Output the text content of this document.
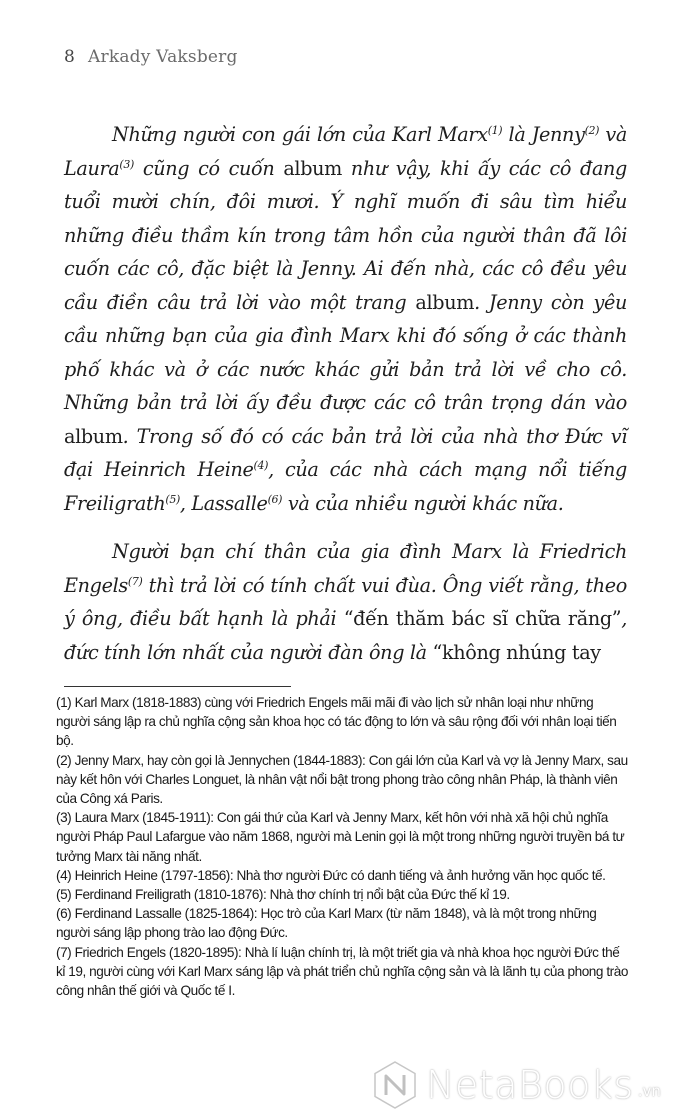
8 Arkady Vaksberg

Những người con gái lớn của Karl Marx$^{(1)}$ là Jenny$^{(2)}$ và Laura$^{(3)}$ cũng có cuốn album như vậy, khi ấy các cô đang tuổi mười chín, đôi mươi. Ý nghĩ muốn đi sâu tìm hiểu những điều thầm kín trong tâm hồn của người thân đã lôi cuốn các cô, đặc biệt là Jenny. Ai đến nhà, các cô đều yêu cầu điền câu trả lời vào một trang album. Jenny còn yêu cầu những bạn của gia đình Marx khi đó sống ở các thành phố khác và ở các nước khác gửi bản trả lời về cho cô. Những bản trả lời ấy đều được các cô trân trọng dán vào album. Trong số đó có các bản trả lời của nhà thơ Đức vĩ đại Heinrich Heine$^{(4)}$, của các nhà cách mạng nổi tiếng Freiligrath$^{(5)}$, Lassalle$^{(6)}$ và của nhiều người khác nữa.

Người bạn chí thân của gia đình Marx là Friedrich Engels$^{(7)}$ thì trả lời có tính chất vui đùa. Ông viết rằng, theo ý ông, điều bất hạnh là phải “đến thăm bác sĩ chữa răng”, đức tính lớn nhất của người đàn ông là “không nhúng tay

(1) Karl Marx (1818-1883) cùng với Friedrich Engels mãi mãi đi vào lịch sử nhân loại như những người sáng lập ra chủ nghĩa cộng sản khoa học có tác động to lớn và sâu rộng đối với nhân loại tiến bộ.

(2) Jenny Marx, hay còn gọi là Jennychen (1844-1883): Con gái lớn của Karl và vợ là Jenny Marx, sau này kết hôn với Charles Longuet, là nhân vật nổi bật trong phong trào công nhân Pháp, là thành viên của Công xá Paris.

(3) Laura Marx (1845-1911): Con gái thứ của Karl và Jenny Marx, kết hôn với nhà xã hội chủ nghĩa người Pháp Paul Lafargue vào năm 1868, người mà Lenin gọi là một trong những người truyền bá tư tưởng Marx tài năng nhất.

(4) Heinrich Heine (1797-1856): Nhà thơ người Đức có danh tiếng và ảnh hưởng văn học quốc tế.

(5) Ferdinand Freiligrath (1810-1876): Nhà thơ chính trị nổi bật của Đức thế kỉ 19.

(6) Ferdinand Lassalle (1825-1864): Học trò của Karl Marx (từ năm 1848), và là một trong những người sáng lập phong trào lao động Đức.

(7) Friedrich Engels (1820-1895): Nhà lí luận chính trị, là một triết gia và nhà khoa học người Đức thế kỉ 19, người cùng với Karl Marx sáng lập và phát triển chủ nghĩa cộng sản và là lãnh tụ của phong trào công nhân thế giới và Quốc tế I.

NetaBooks .vn
